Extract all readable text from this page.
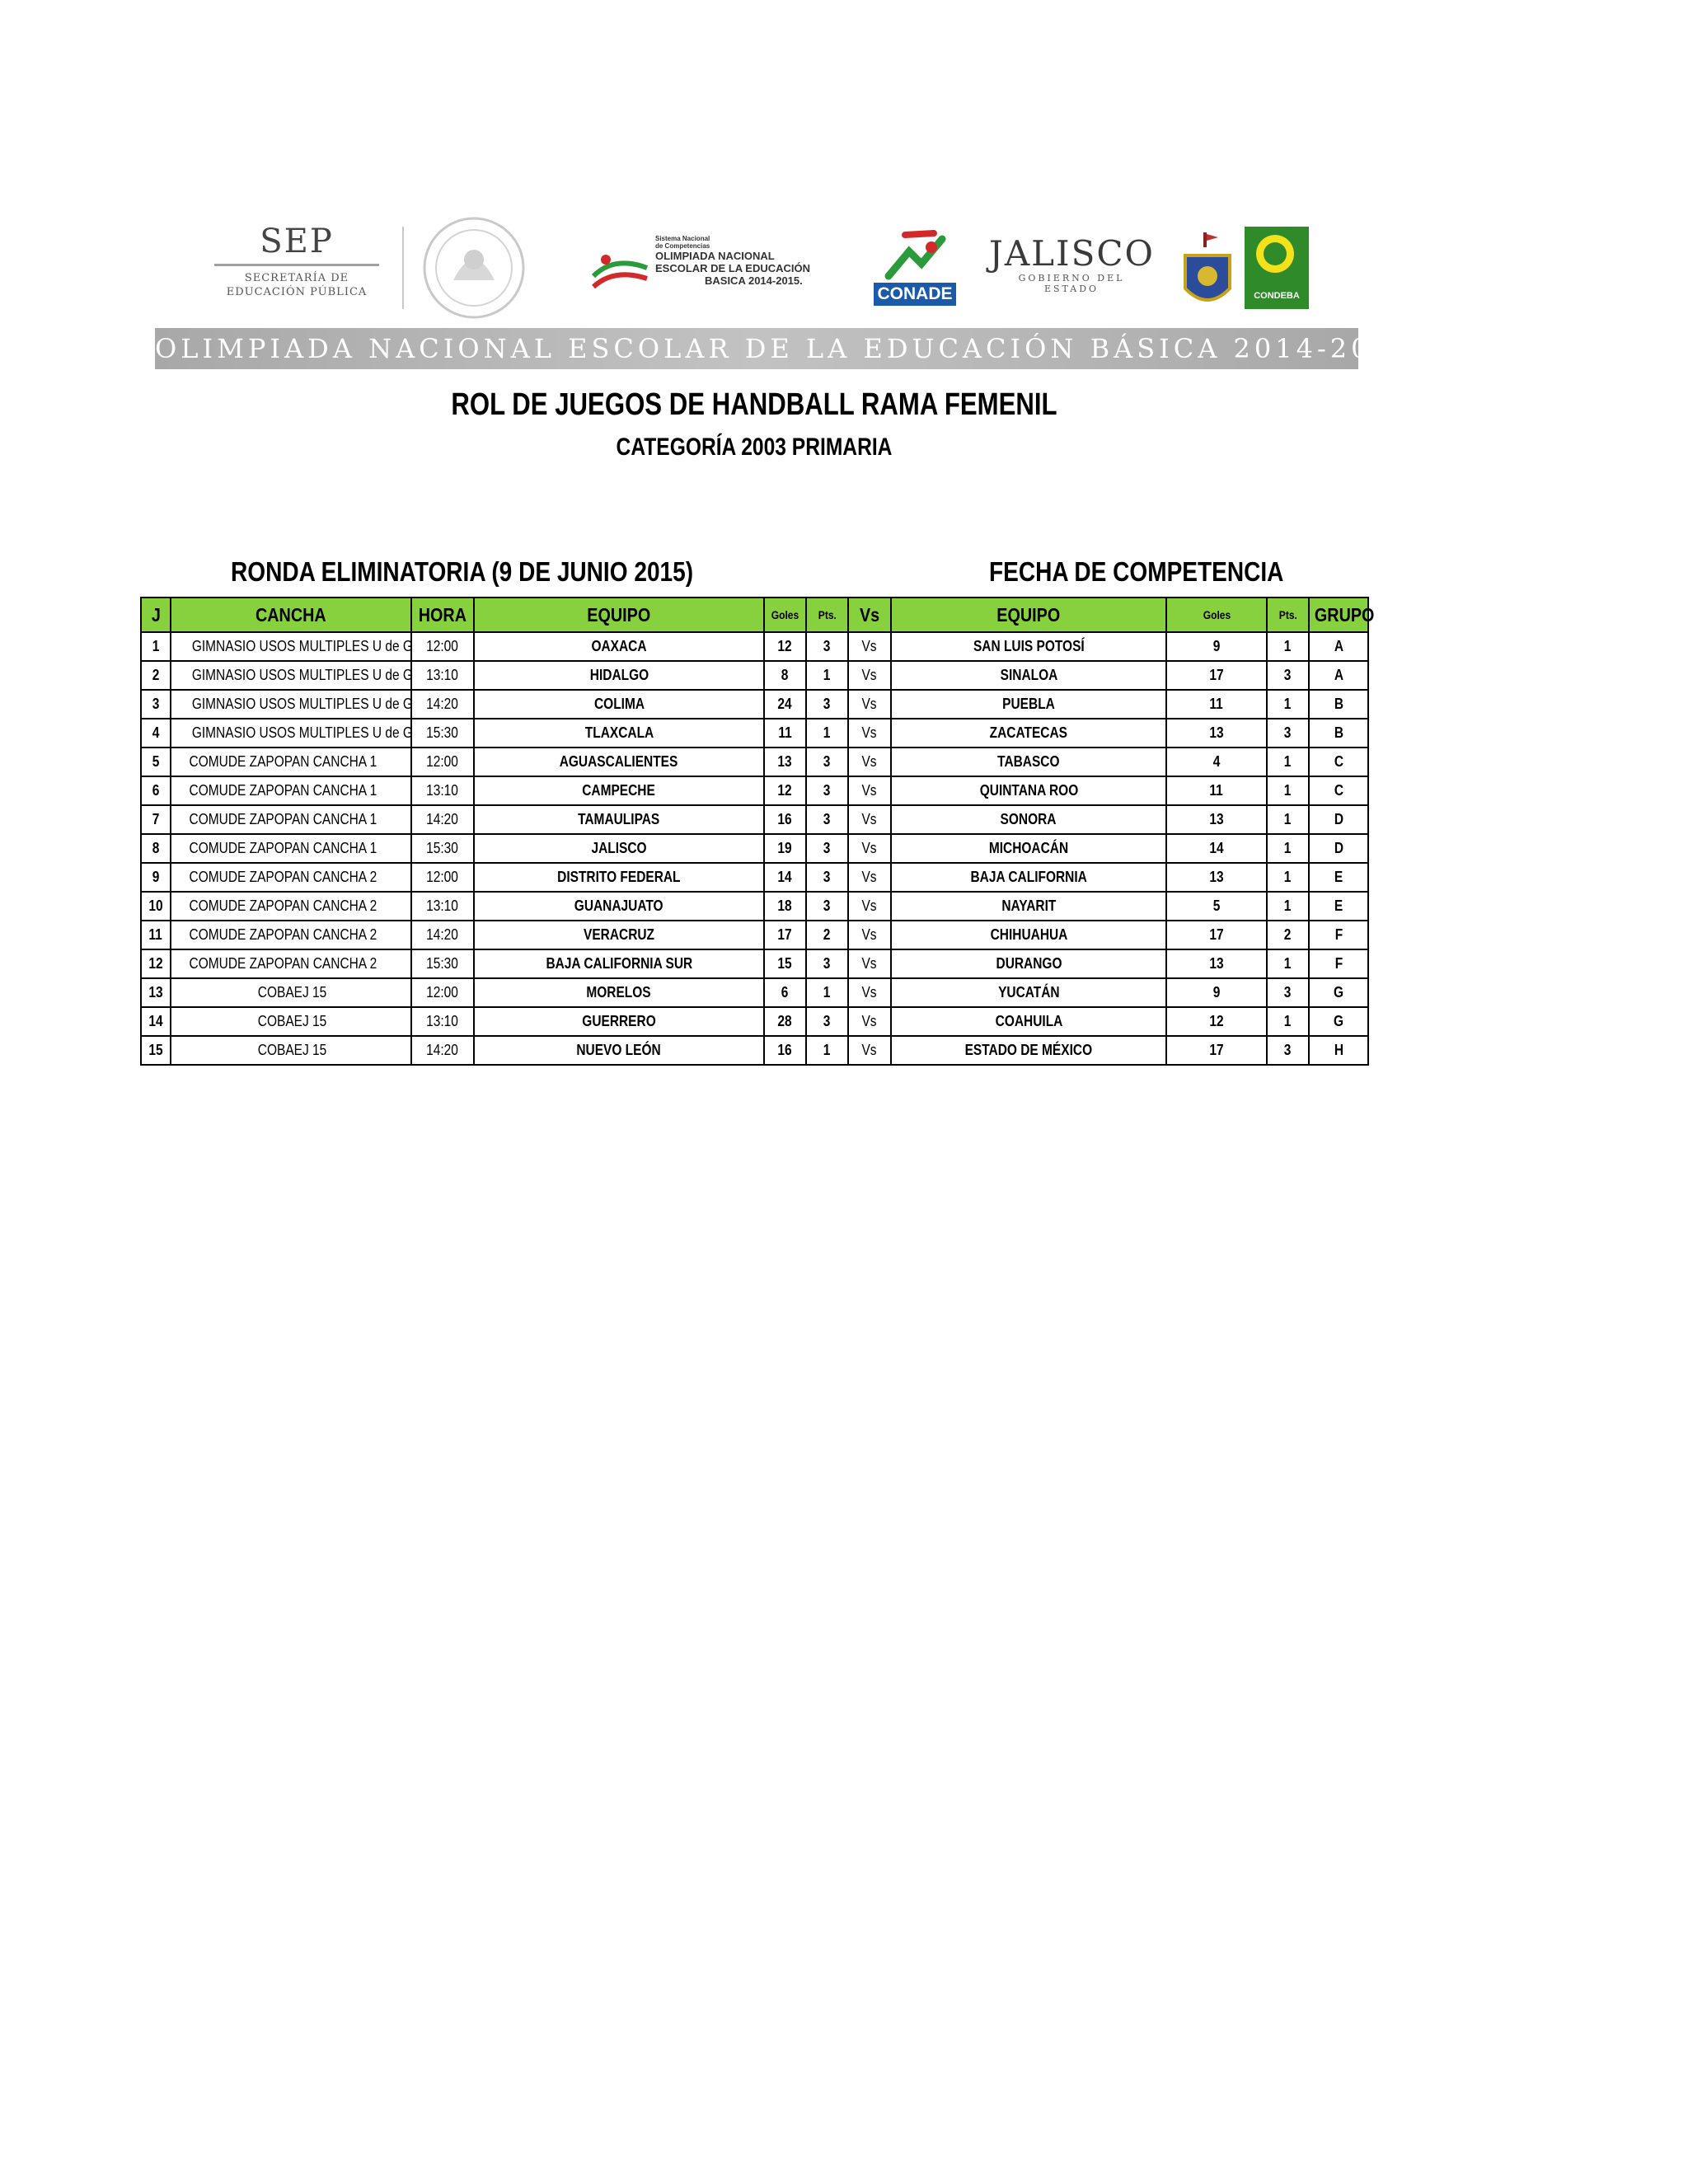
SEP
SECRETARÍA DE
EDUCACIÓN PÚBLICA
Sistema Nacional
de Competencias
OLIMPIADA NACIONAL
ESCOLAR DE LA EDUCACIÓN
BASICA 2014-2015.
CONADE
JALISCO
GOBIERNO DEL ESTADO
CONDEBA
OLIMPIADA NACIONAL ESCOLAR DE LA EDUCACIÓN BÁSICA 2014-2015.
ROL DE JUEGOS DE HANDBALL RAMA FEMENIL
CATEGORÍA 2003 PRIMARIA
RONDA ELIMINATORIA (9 DE JUNIO 2015)	FECHA DE COMPETENCIA
J	CANCHA	HORA	EQUIPO	Goles	Pts.	Vs	EQUIPO	Goles	Pts.	GRUPO
1	GIMNASIO USOS MULTIPLES U de G	12:00	OAXACA	12	3	Vs	SAN LUIS POTOSÍ	9	1	A
2	GIMNASIO USOS MULTIPLES U de G	13:10	HIDALGO	8	1	Vs	SINALOA	17	3	A
3	GIMNASIO USOS MULTIPLES U de G	14:20	COLIMA	24	3	Vs	PUEBLA	11	1	B
4	GIMNASIO USOS MULTIPLES U de G	15:30	TLAXCALA	11	1	Vs	ZACATECAS	13	3	B
5	COMUDE ZAPOPAN CANCHA 1	12:00	AGUASCALIENTES	13	3	Vs	TABASCO	4	1	C
6	COMUDE ZAPOPAN CANCHA 1	13:10	CAMPECHE	12	3	Vs	QUINTANA ROO	11	1	C
7	COMUDE ZAPOPAN CANCHA 1	14:20	TAMAULIPAS	16	3	Vs	SONORA	13	1	D
8	COMUDE ZAPOPAN CANCHA 1	15:30	JALISCO	19	3	Vs	MICHOACÁN	14	1	D
9	COMUDE ZAPOPAN CANCHA 2	12:00	DISTRITO FEDERAL	14	3	Vs	BAJA CALIFORNIA	13	1	E
10	COMUDE ZAPOPAN CANCHA 2	13:10	GUANAJUATO	18	3	Vs	NAYARIT	5	1	E
11	COMUDE ZAPOPAN CANCHA 2	14:20	VERACRUZ	17	2	Vs	CHIHUAHUA	17	2	F
12	COMUDE ZAPOPAN CANCHA 2	15:30	BAJA CALIFORNIA SUR	15	3	Vs	DURANGO	13	1	F
13	COBAEJ 15	12:00	MORELOS	6	1	Vs	YUCATÁN	9	3	G
14	COBAEJ 15	13:10	GUERRERO	28	3	Vs	COAHUILA	12	1	G
15	COBAEJ 15	14:20	NUEVO LEÓN	16	1	Vs	ESTADO DE MÉXICO	17	3	H
